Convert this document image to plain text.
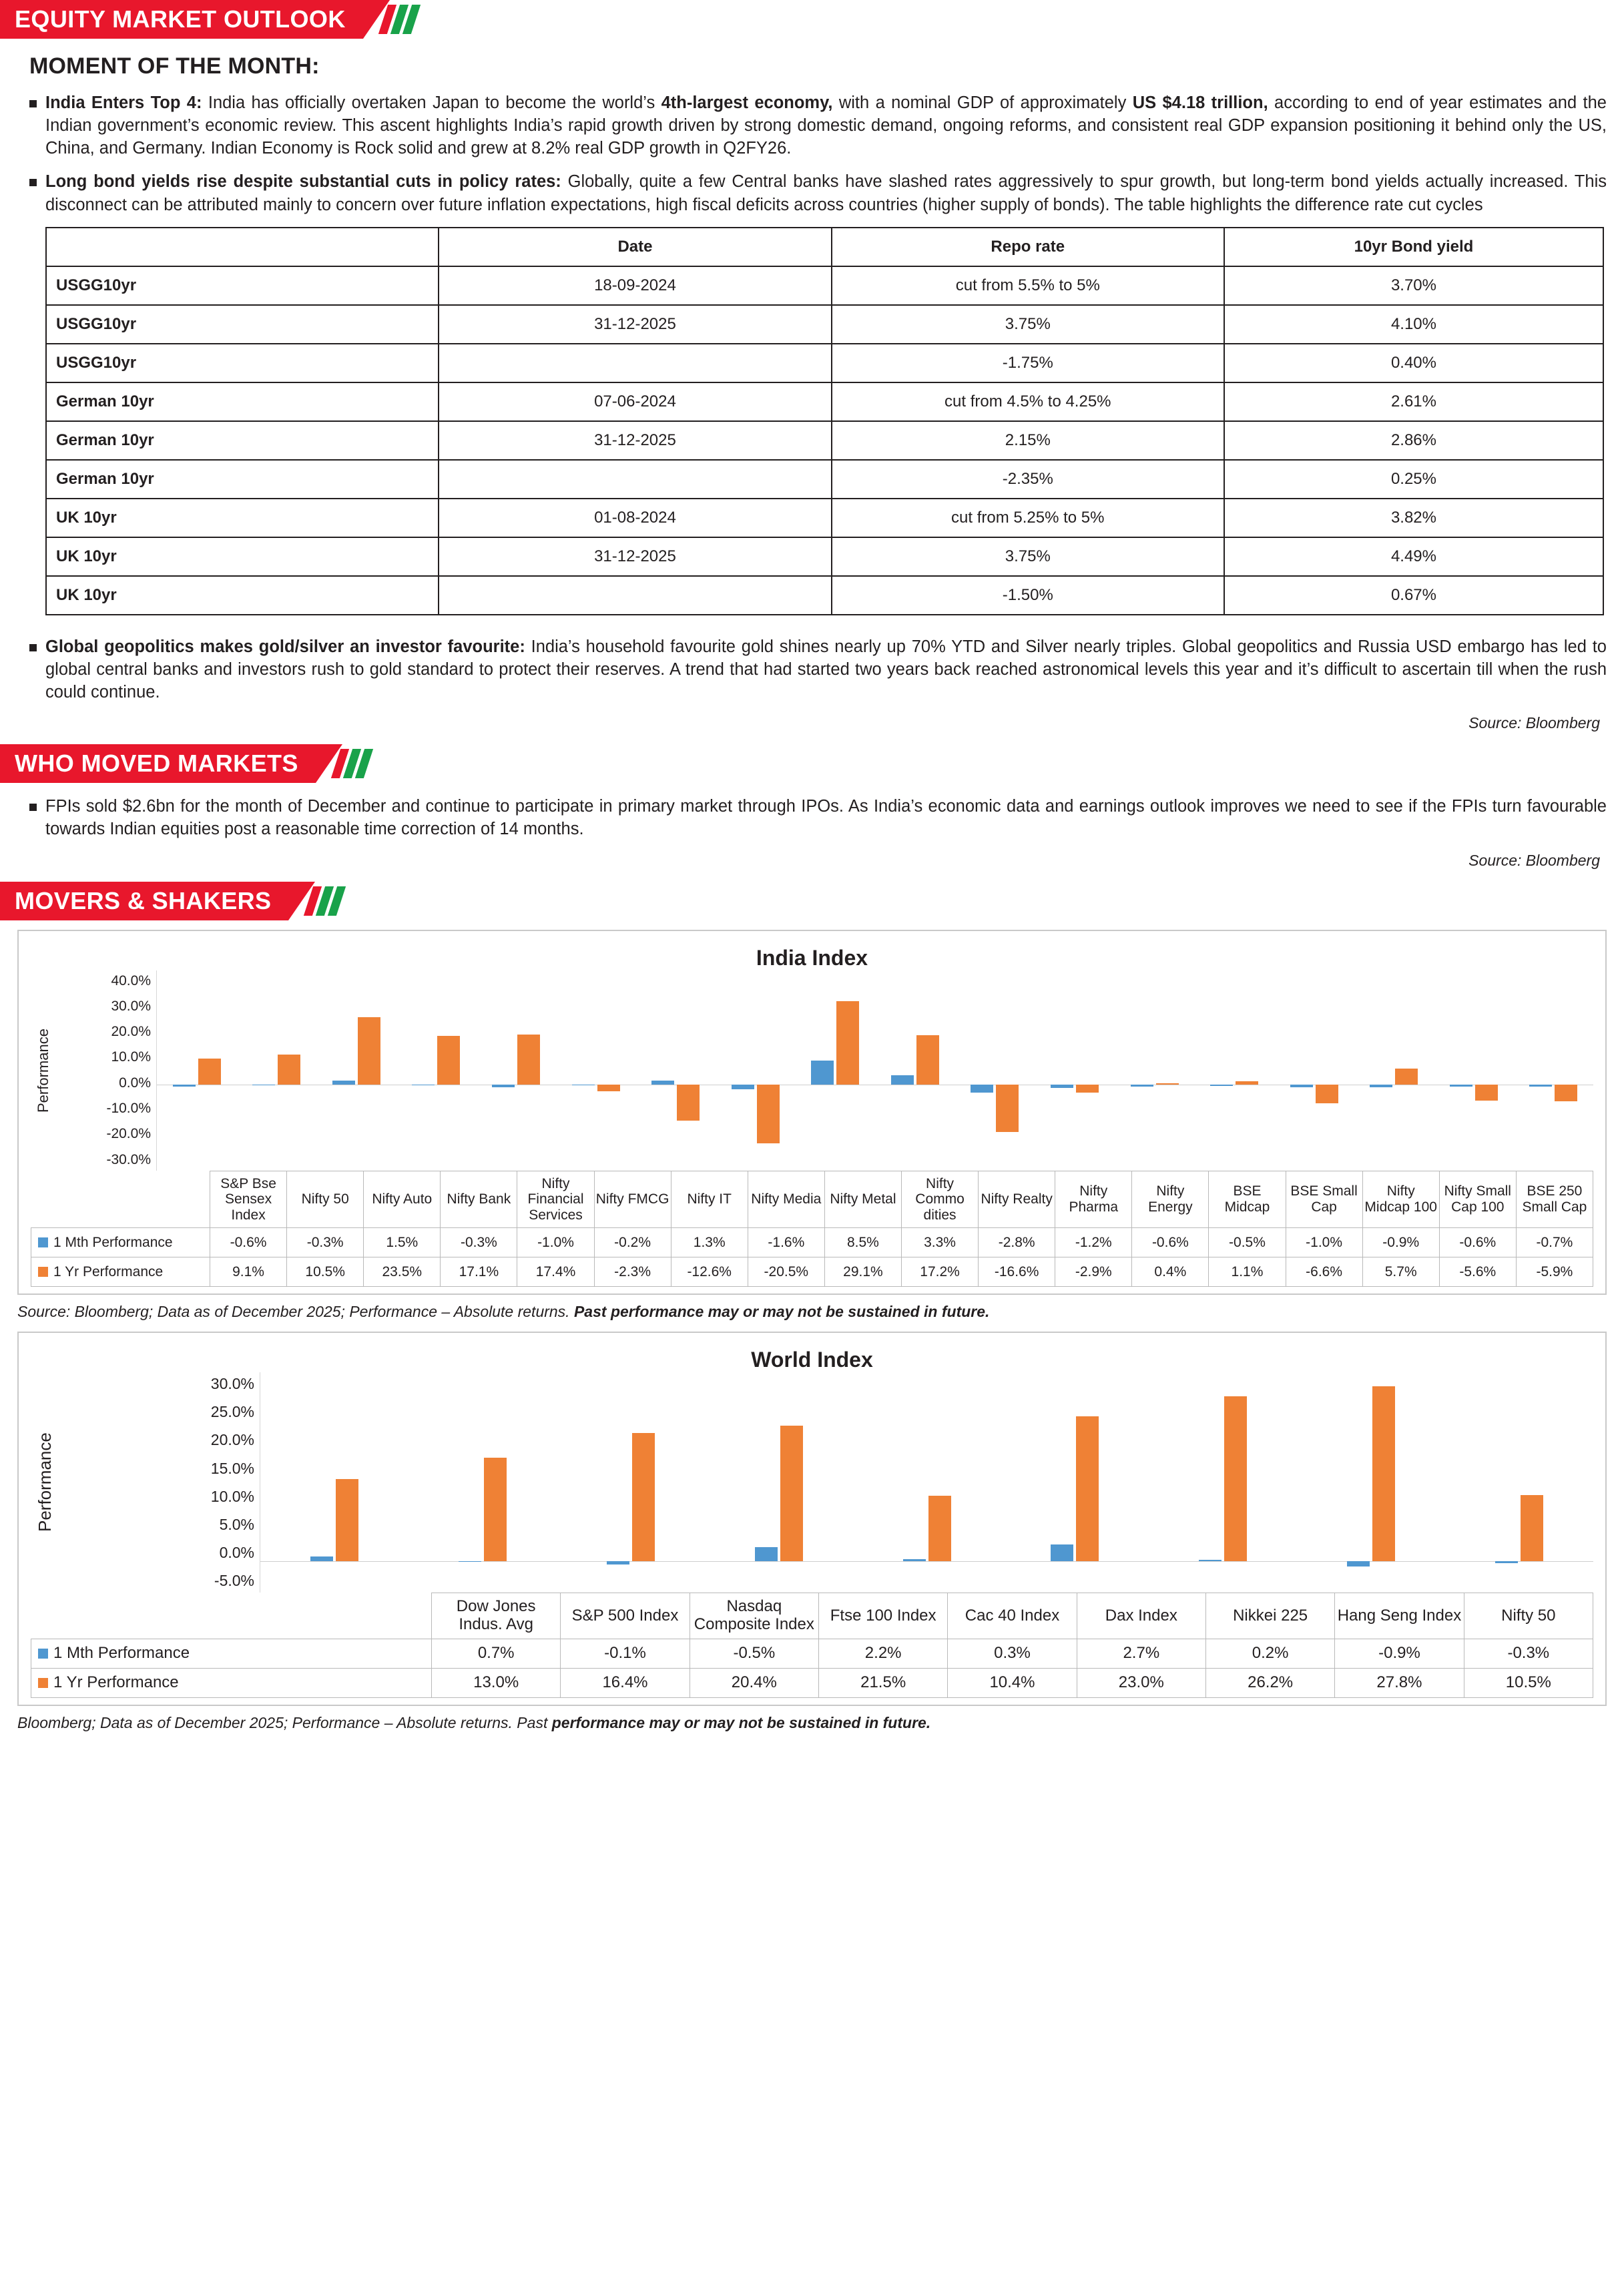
EQUITY MARKET OUTLOOK
MOMENT OF THE MONTH:
India Enters Top 4: India has officially overtaken Japan to become the world’s 4th-largest economy, with a nominal GDP of approximately US $4.18 trillion, according to end of year estimates and the Indian government’s economic review. This ascent highlights India’s rapid growth driven by strong domestic demand, ongoing reforms, and consistent real GDP expansion positioning it behind only the US, China, and Germany. Indian Economy is Rock solid and grew at 8.2% real GDP growth in Q2FY26.
Long bond yields rise despite substantial cuts in policy rates: Globally, quite a few Central banks have slashed rates aggressively to spur growth, but long-term bond yields actually increased. This disconnect can be attributed mainly to concern over future inflation expectations, high fiscal deficits across countries (higher supply of bonds). The table highlights the difference rate cut cycles
	Date	Repo rate	10yr Bond yield
USGG10yr	18-09-2024	cut from 5.5% to 5%	3.70%
USGG10yr	31-12-2025	3.75%	4.10%
USGG10yr		-1.75%	0.40%
German 10yr	07-06-2024	cut from 4.5% to 4.25%	2.61%
German 10yr	31-12-2025	2.15%	2.86%
German 10yr		-2.35%	0.25%
UK 10yr	01-08-2024	cut from 5.25% to 5%	3.82%
UK 10yr	31-12-2025	3.75%	4.49%
UK 10yr		-1.50%	0.67%
Global geopolitics makes gold/silver an investor favourite: India’s household favourite gold shines nearly up 70% YTD and Silver nearly triples. Global geopolitics and Russia USD embargo has led to global central banks and investors rush to gold standard to protect their reserves. A trend that had started two years back reached astronomical levels this year and it’s difficult to ascertain till when the rush could continue.
Source: Bloomberg
WHO MOVED MARKETS
FPIs sold $2.6bn for the month of December and continue to participate in primary market through IPOs. As India’s economic data and earnings outlook improves we need to see if the FPIs turn favourable towards Indian equities post a reasonable time correction of 14 months.
Source: Bloomberg
MOVERS & SHAKERS
India Index
Performance
40.0%
30.0%
20.0%
10.0%
0.0%
-10.0%
-20.0%
-30.0%
	S&P Bse Sensex Index	Nifty 50	Nifty Auto	Nifty Bank	Nifty Financial Services	Nifty FMCG	Nifty IT	Nifty Media	Nifty Metal	Nifty Commo dities	Nifty Realty	Nifty Pharma	Nifty Energy	BSE Midcap	BSE Small Cap	Nifty Midcap 100	Nifty Small Cap 100	BSE 250 Small Cap
1 Mth Performance	-0.6%	-0.3%	1.5%	-0.3%	-1.0%	-0.2%	1.3%	-1.6%	8.5%	3.3%	-2.8%	-1.2%	-0.6%	-0.5%	-1.0%	-0.9%	-0.6%	-0.7%
1 Yr Performance	9.1%	10.5%	23.5%	17.1%	17.4%	-2.3%	-12.6%	-20.5%	29.1%	17.2%	-16.6%	-2.9%	0.4%	1.1%	-6.6%	5.7%	-5.6%	-5.9%
Source: Bloomberg; Data as of December 2025; Performance – Absolute returns. Past performance may or may not be sustained in future.
World Index
Performance
30.0%
25.0%
20.0%
15.0%
10.0%
5.0%
0.0%
-5.0%
	Dow Jones Indus. Avg	S&P 500 Index	Nasdaq Composite Index	Ftse 100 Index	Cac 40 Index	Dax Index	Nikkei 225	Hang Seng Index	Nifty 50
1 Mth Performance	0.7%	-0.1%	-0.5%	2.2%	0.3%	2.7%	0.2%	-0.9%	-0.3%
1 Yr Performance	13.0%	16.4%	20.4%	21.5%	10.4%	23.0%	26.2%	27.8%	10.5%
Bloomberg; Data as of December 2025; Performance – Absolute returns. Past performance may or may not be sustained in future.
